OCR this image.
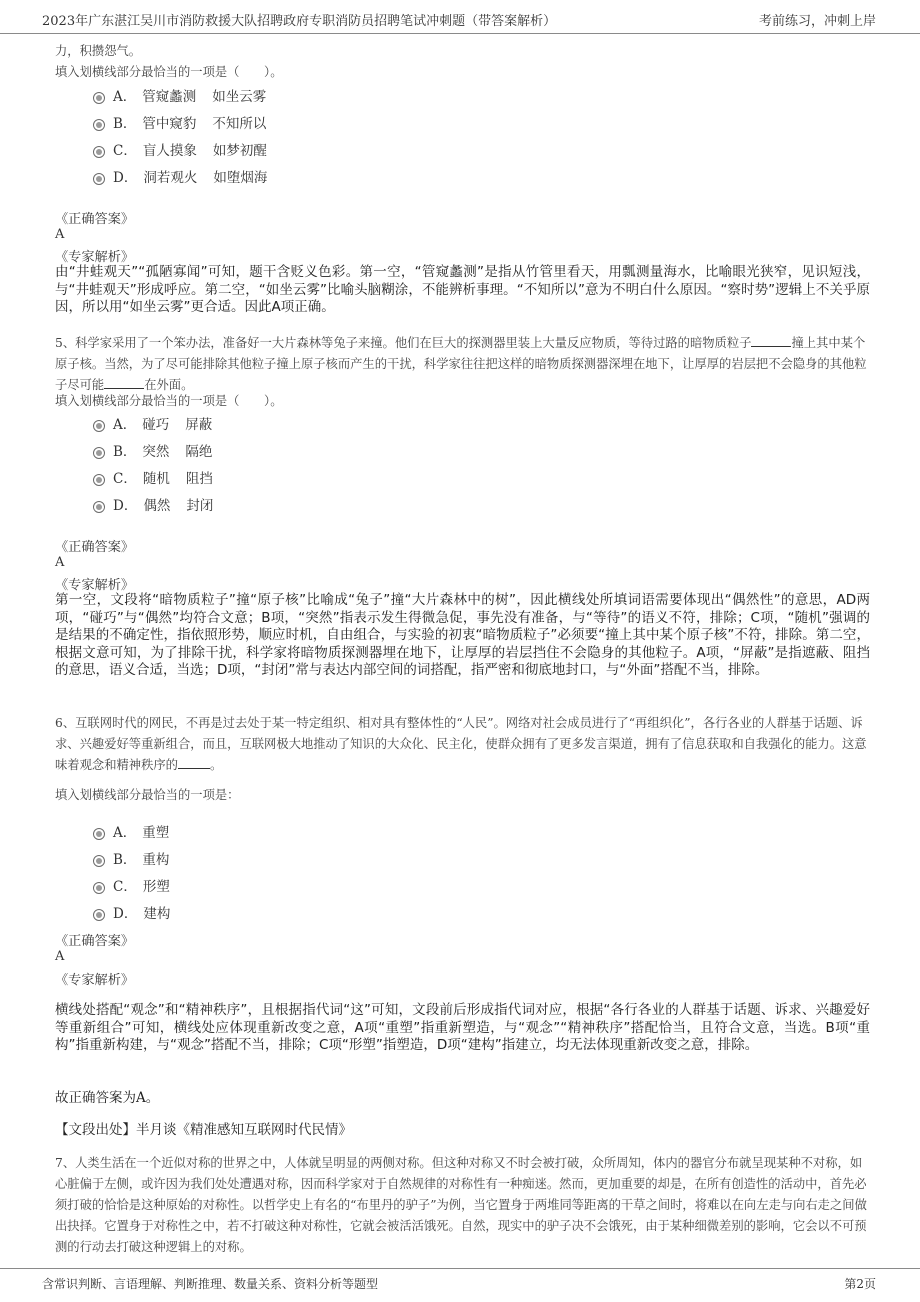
2023年广东湛江吴川市消防救援大队招聘政府专职消防员招聘笔试冲刺题（带答案解析）	考前练习，冲刺上岸
力，积攒怨气。
填入划横线部分最恰当的一项是（　　）。
A． 管窥蠡测 如坐云雾
B． 管中窥豹 不知所以
C． 盲人摸象 如梦初醒
D． 洞若观火 如堕烟海
《正确答案》
A
《专家解析》
由“井蛙观天”“孤陋寡闻”可知，题干含贬义色彩。第一空，“管窥蠡测”是指从竹管里看天，用瓢测量海水，比喻眼光狭窄，见识短浅，与“井蛙观天”形成呼应。第二空，“如坐云雾”比喻头脑糊涂，不能辨析事理。“不知所以”意为不明白什么原因。“察时势”逻辑上不关乎原因，所以用“如坐云雾”更合适。因此A项正确。
5、科学家采用了一个笨办法，准备好一大片森林等兔子来撞。他们在巨大的探测器里装上大量反应物质，等待过路的暗物质粒子	撞上其中某个原子核。当然，为了尽可能排除其他粒子撞上原子核而产生的干扰，科学家往往把这样的暗物质探测器深埋在地下，让厚厚的岩层把不会隐身的其他粒子尽可能	在外面。
填入划横线部分最恰当的一项是（　　）。
A． 碰巧 屏蔽
B． 突然 隔绝
C． 随机 阻挡
D． 偶然 封闭
《正确答案》
A
《专家解析》
第一空，文段将“暗物质粒子”撞“原子核”比喻成“兔子”撞“大片森林中的树”，因此横线处所填词语需要体现出“偶然性”的意思，AD两项，“碰巧”与“偶然”均符合文意；B项，“突然”指表示发生得微急促，事先没有准备，与“等待”的语义不符，排除；C项，“随机”强调的是结果的不确定性，指依照形势，顺应时机，自由组合，与实验的初衷“暗物质粒子”必须要“撞上其中某个原子核”不符，排除。第二空，根据文意可知，为了排除干扰，科学家将暗物质探测器埋在地下，让厚厚的岩层挡住不会隐身的其他粒子。A项，“屏蔽”是指遮蔽、阻挡的意思，语义合适，当选；D项，“封闭”常与表达内部空间的词搭配，指严密和彻底地封口，与“外面”搭配不当，排除。
6、互联网时代的网民，不再是过去处于某一特定组织、相对具有整体性的“人民”。网络对社会成员进行了“再组织化”，各行各业的人群基于话题、诉求、兴趣爱好等重新组合，而且，互联网极大地推动了知识的大众化、民主化，使群众拥有了更多发言渠道，拥有了信息获取和自我强化的能力。这意味着观念和精神秩序的	。
填入划横线部分最恰当的一项是：
A． 重塑
B． 重构
C． 形塑
D． 建构
《正确答案》
A
《专家解析》
横线处搭配“观念”和“精神秩序”，且根据指代词“这”可知，文段前后形成指代词对应，根据“各行各业的人群基于话题、诉求、兴趣爱好等重新组合”可知，横线处应体现重新改变之意，A项“重塑”指重新塑造，与“观念”“精神秩序”搭配恰当，且符合文意，当选。B项“重构”指重新构建，与“观念”搭配不当，排除；C项“形塑”指塑造，D项“建构”指建立，均无法体现重新改变之意，排除。
故正确答案为A。
【文段出处】半月谈《精准感知互联网时代民情》
7、人类生活在一个近似对称的世界之中，人体就呈明显的两侧对称。但这种对称又不时会被打破，众所周知，体内的器官分布就呈现某种不对称，如心脏偏于左侧，或许因为我们处处遭遇对称，因而科学家对于自然规律的对称性有一种痴迷。然而，更加重要的却是，在所有创造性的活动中，首先必须打破的恰恰是这种原始的对称性。以哲学史上有名的“布里丹的驴子”为例，当它置身于两堆同等距离的干草之间时，将难以在向左走与向右走之间做出抉择。它置身于对称性之中，若不打破这种对称性，它就会被活活饿死。自然，现实中的驴子决不会饿死，由于某种细微差别的影响，它会以不可预测的行动去打破这种逻辑上的对称。
含常识判断、言语理解、判断推理、数量关系、资料分析等题型	第2页
